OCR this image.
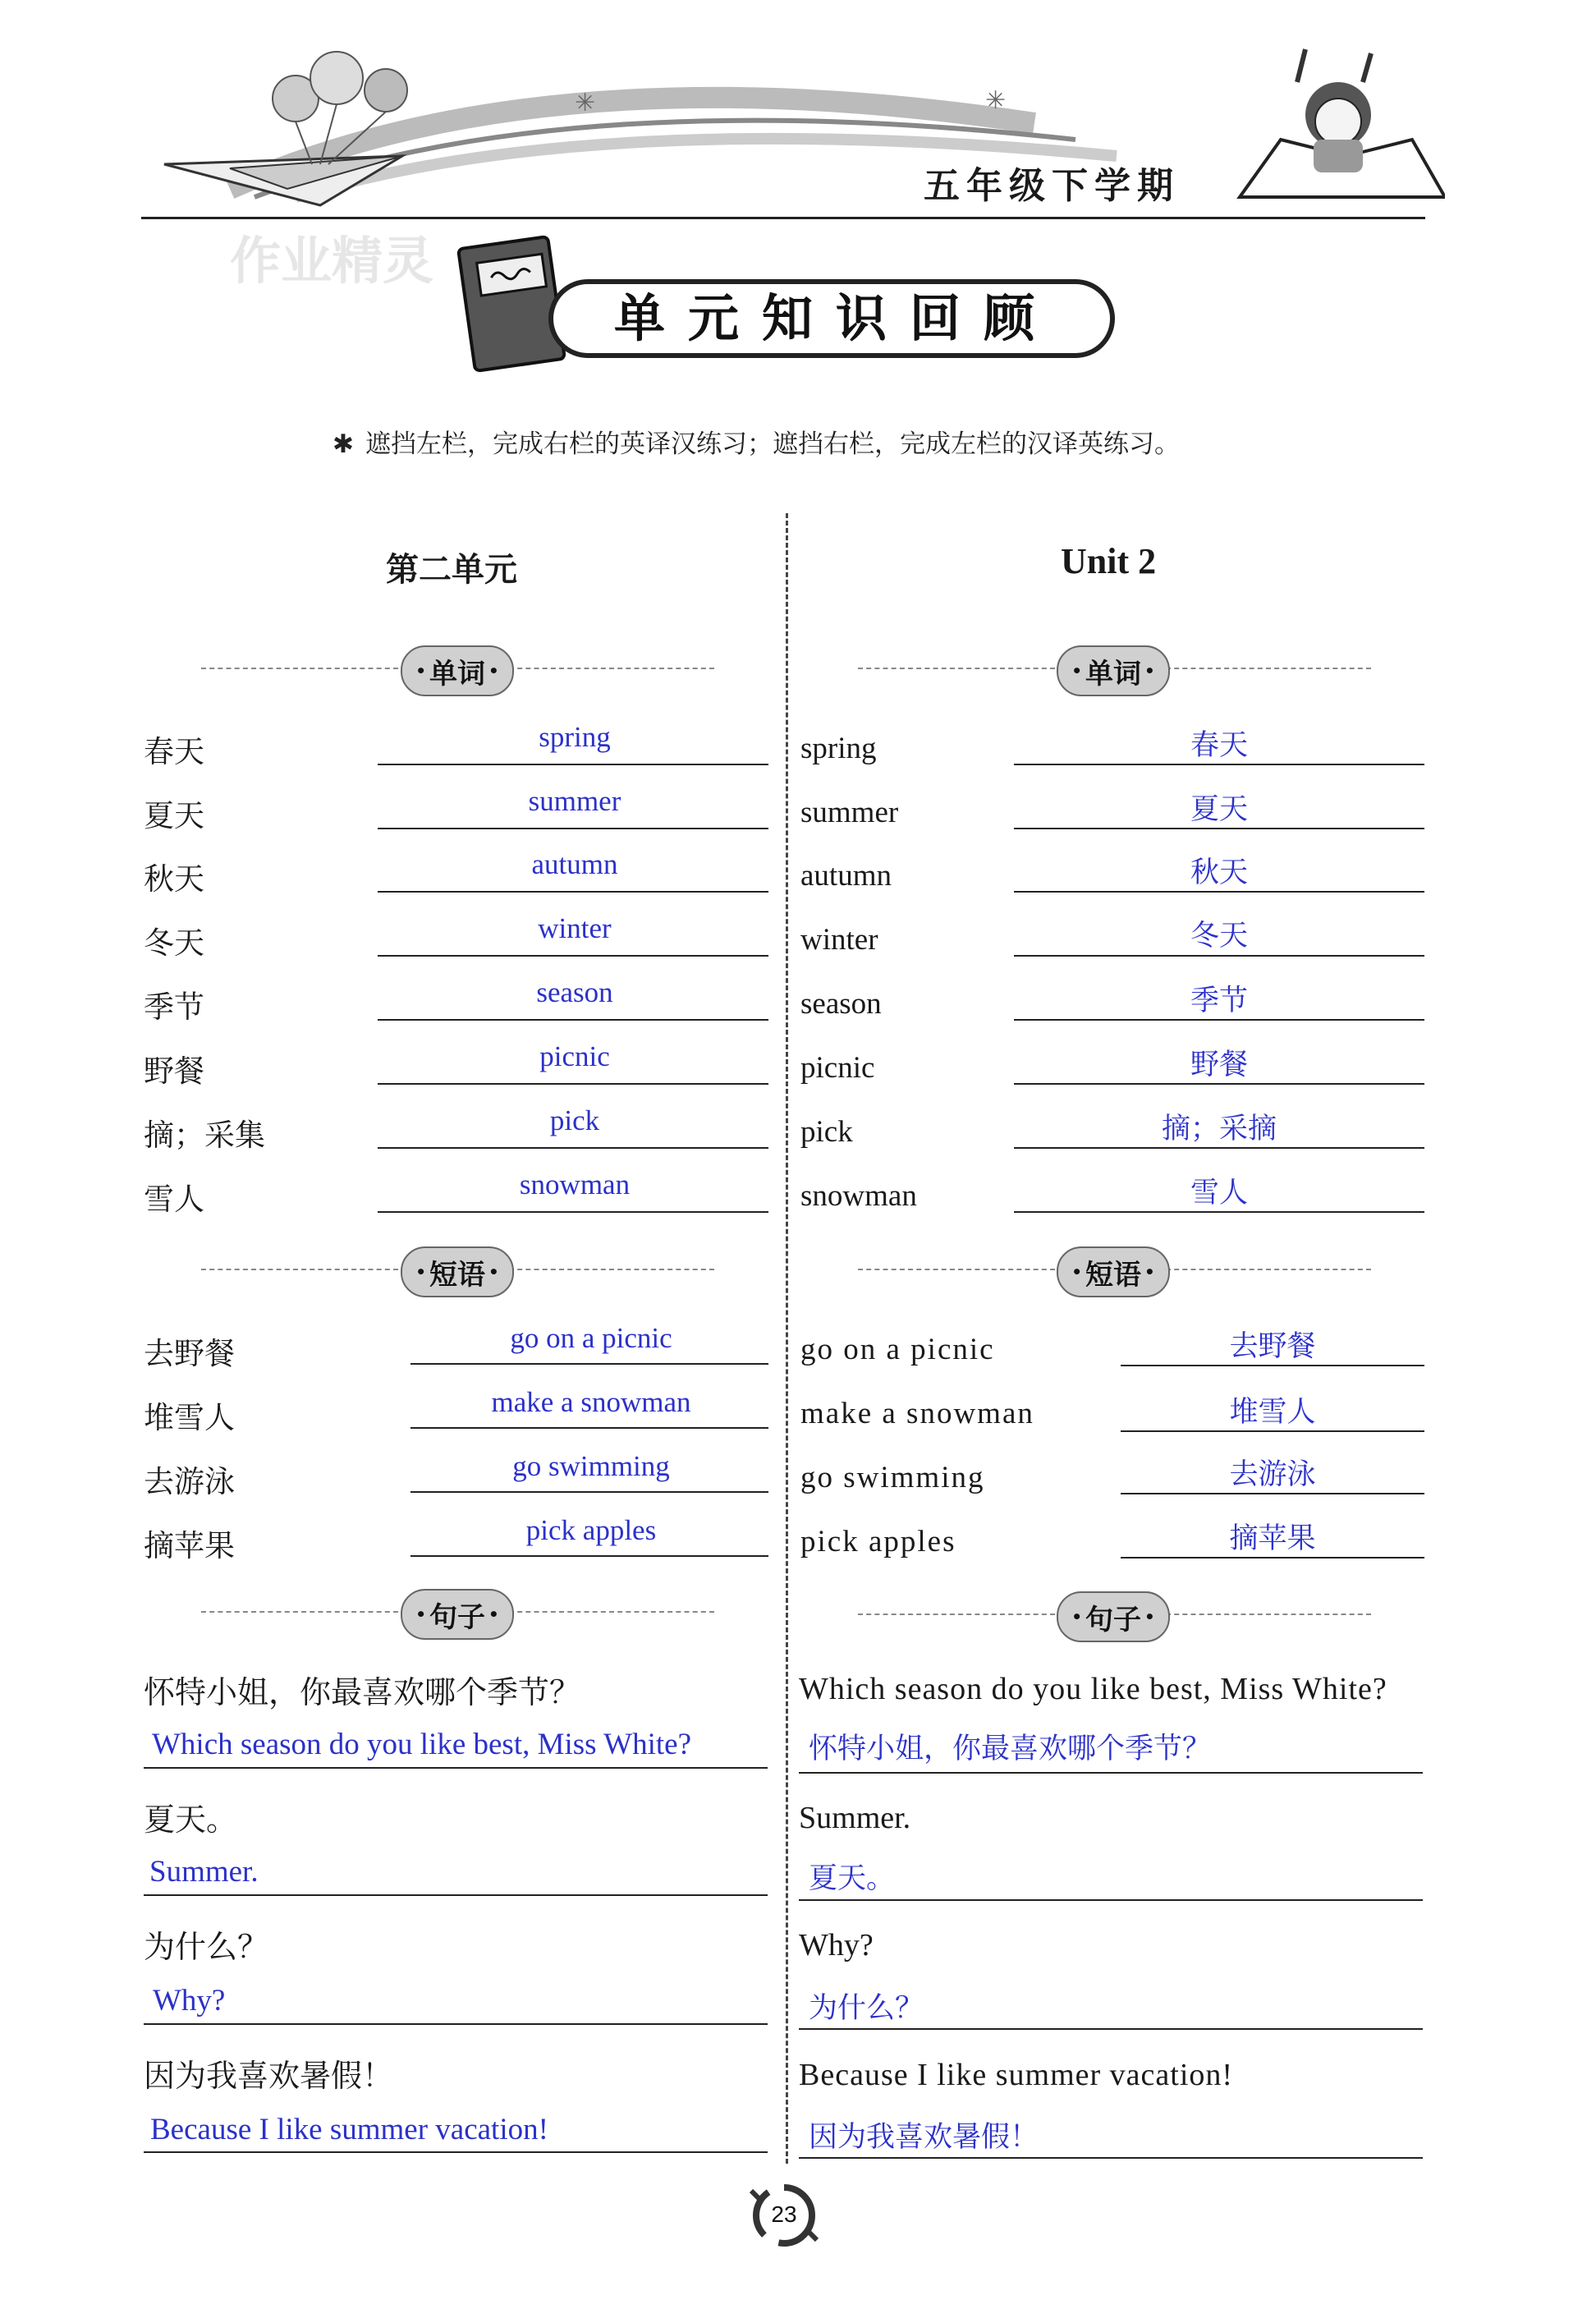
✳	✳
五年级下学期
作业精灵
单元知识回顾
✱ 遮挡左栏，完成右栏的英译汉练习；遮挡右栏，完成左栏的汉译英练习。
第二单元
• 单词
•
春天	spring
夏天	summer
秋天	autumn
冬天	winter
季节	season
野餐	picnic
摘；采集	pick
雪人	snowman
• 短语
•
去野餐	go on a picnic
堆雪人	make a snowman
去游泳	go swimming
摘苹果	pick apples
• 句子
•
怀特小姐，你最喜欢哪个季节？
Which season do you like best, Miss White?
夏天。
Summer.
为什么？
Why?
因为我喜欢暑假！
Because I like summer vacation!
Unit 2
• 单词
•
spring	春天
summer	夏天
autumn	秋天
winter	冬天
season	季节
picnic	野餐
pick	摘；采摘
snowman	雪人
• 短语
•
go on a picnic	去野餐
make a snowman	堆雪人
go swimming	去游泳
pick apples	摘苹果
• 句子
•
Which season do you like best, Miss White?
怀特小姐，你最喜欢哪个季节？
Summer.
夏天。
Why?
为什么？
Because I like summer vacation!
因为我喜欢暑假！
23
